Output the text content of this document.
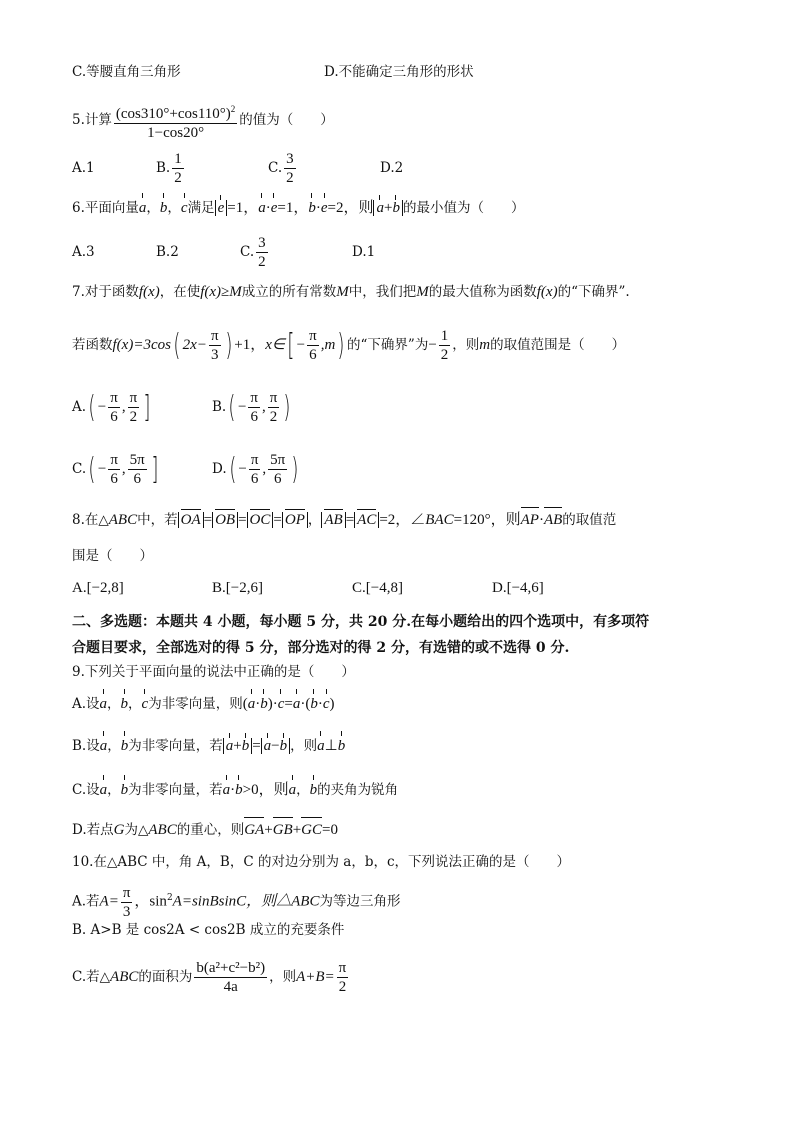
C.等腰直角三角形	D.不能确定三角形的形状
5.计算 $\frac{(\cos 310^\circ+\cos 110^\circ)^2}{1-\cos 20^\circ}$ 的值为（　　）
A.1	B. $\frac{1}{2}$	C. $\frac{3}{2}$	D.2
6.平面向量a，b，c满足 e =1，a·e=1，b·e=2，则 a+b 的最小值为（　　）
A.3	B.2	C. $\frac{3}{2}$	D.1
7.对于函数f(x)，在使f(x)≥M成立的所有常数M中，我们把M的最大值称为函数f(x)的“下确界”.
若函数f(x)=3cos( $2x- \frac{\pi}{3}$ ) +1，x∈[ − $\frac{\pi}{6} ,m$) 的“下确界”为− $\frac{1}{2}$ ，则m的取值范围是（　　）
$A.( - \frac{\pi}{6}$ , $\frac{\pi}{2}$ ]	$B.( - \frac{\pi}{6}$ , $\frac{\pi}{2}$ )
$C.( - \frac{\pi}{6}$ , $\frac{5\pi}{6}$ ]	$D.( - \frac{\pi}{6}$ , $\frac{5\pi}{6}$ )
8.在△ABC中，若 OA = OB = OC = OP ， AB = AC =2，∠BAC=120°，则AP·AB的取值范
围是（　　）
A.[−2,8]	B.[−2,6]	C.[−4,8]	D.[−4,6]
二、多选题：本题共 4 小题，每小题 5 分，共 20 分.在每小题给出的四个选项中，有多项符
合题目要求，全部选对的得 5 分，部分选对的得 2 分，有选错的或不选得 0 分.
9.下列关于平面向量的说法中正确的是（　　）
A.设a，b，c为非零向量，则(a·b)·c=a·(b·c)
B.设a，b为非零向量，若 a+b = a−b ，则a⊥b
C.设a，b为非零向量，若a·b>0，则a，b的夹角为锐角
D.若点G为△ABC的重心，则GA+GB+GC=0
10.在△ABC 中，角 A，B，C 的对边分别为 a，b，c，下列说法正确的是（　　）
A.若$A= \frac{\pi}{3}$ ，$\sin^2A=sinBsinC$，则△ABC为等边三角形
B. A>B 是 cos2A < cos2B 成立的充要条件
C.若△ABC的面积为 $\frac{\text{b(a²+c²−b²)}}{4a}$ ，则$A+B= \frac{\pi}{2}$
